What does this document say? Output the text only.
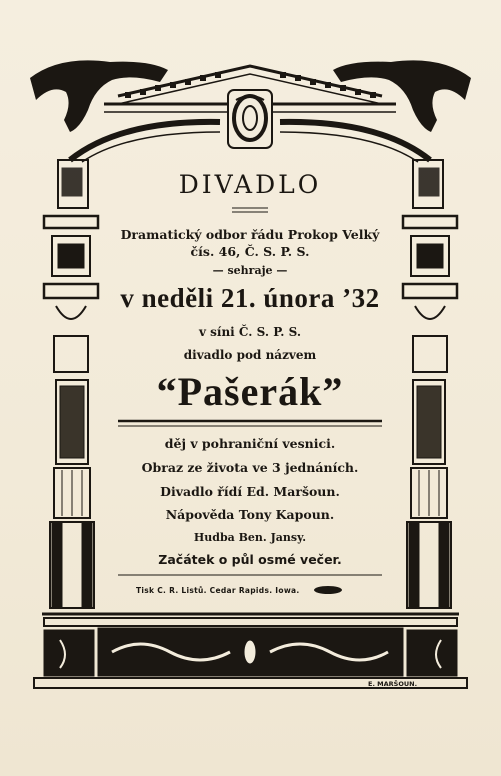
DIVADLO
Dramatický odbor řádu Prokop Velký
čís. 46, Č. S. P. S.
— sehraje —
v neděli 21. února ’32
v síni Č. S. P. S.
divadlo pod názvem
“Pašerák”
děj v pohraniční vesnici.
Obraz ze života ve 3 jednáních.
Divadlo řídí Ed. Maršoun.
Nápověda Tony Kapoun.
Hudba Ben. Jansy.
Začátek o půl osmé večer.
Tisk C. R. Listů. Cedar Rapids. Iowa.
E. MARŠOUN.
